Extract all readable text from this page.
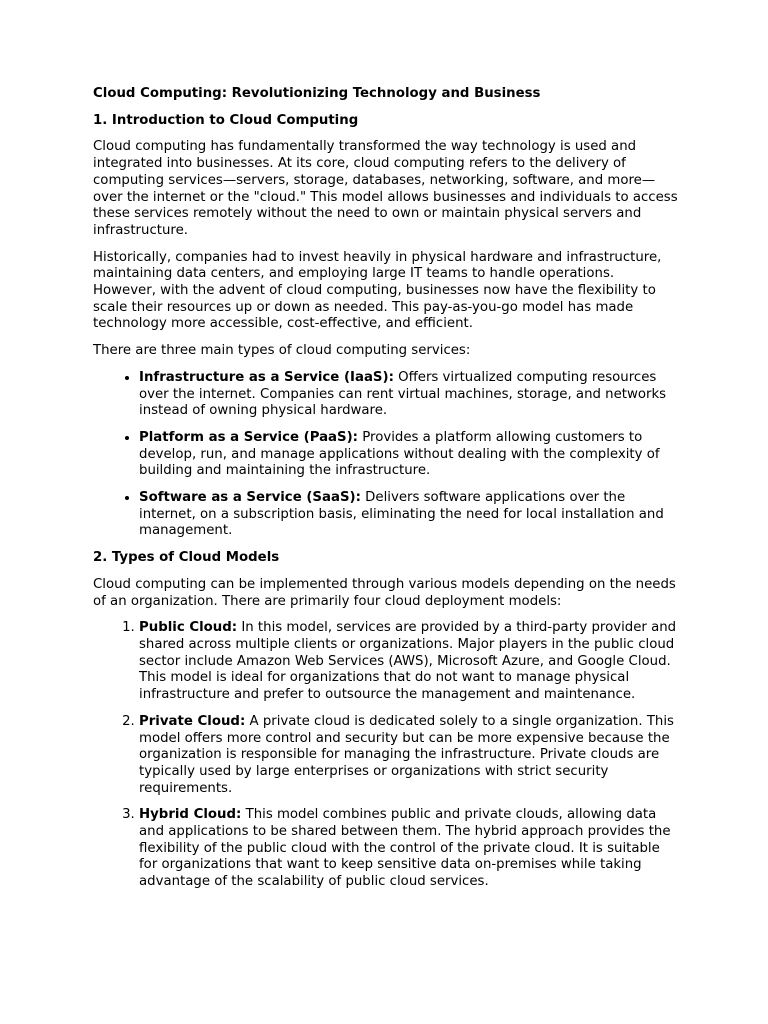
Cloud Computing: Revolutionizing Technology and Business
1. Introduction to Cloud Computing

Cloud computing has fundamentally transformed the way technology is used and integrated into businesses. At its core, cloud computing refers to the delivery of computing services—servers, storage, databases, networking, software, and more—over the internet or the "cloud." This model allows businesses and individuals to access these services remotely without the need to own or maintain physical servers and infrastructure.

Historically, companies had to invest heavily in physical hardware and infrastructure, maintaining data centers, and employing large IT teams to handle operations. However, with the advent of cloud computing, businesses now have the flexibility to scale their resources up or down as needed. This pay-as-you-go model has made technology more accessible, cost-effective, and efficient.

There are three main types of cloud computing services:

• Infrastructure as a Service (IaaS): Offers virtualized computing resources over the internet. Companies can rent virtual machines, storage, and networks instead of owning physical hardware.
• Platform as a Service (PaaS): Provides a platform allowing customers to develop, run, and manage applications without dealing with the complexity of building and maintaining the infrastructure.
• Software as a Service (SaaS): Delivers software applications over the internet, on a subscription basis, eliminating the need for local installation and management.
2. Types of Cloud Models

Cloud computing can be implemented through various models depending on the needs of an organization. There are primarily four cloud deployment models:

1. Public Cloud: In this model, services are provided by a third-party provider and shared across multiple clients or organizations. Major players in the public cloud sector include Amazon Web Services (AWS), Microsoft Azure, and Google Cloud. This model is ideal for organizations that do not want to manage physical infrastructure and prefer to outsource the management and maintenance.
2. Private Cloud: A private cloud is dedicated solely to a single organization. This model offers more control and security but can be more expensive because the organization is responsible for managing the infrastructure. Private clouds are typically used by large enterprises or organizations with strict security requirements.
3. Hybrid Cloud: This model combines public and private clouds, allowing data and applications to be shared between them. The hybrid approach provides the flexibility of the public cloud with the control of the private cloud. It is suitable for organizations that want to keep sensitive data on-premises while taking advantage of the scalability of public cloud services.
